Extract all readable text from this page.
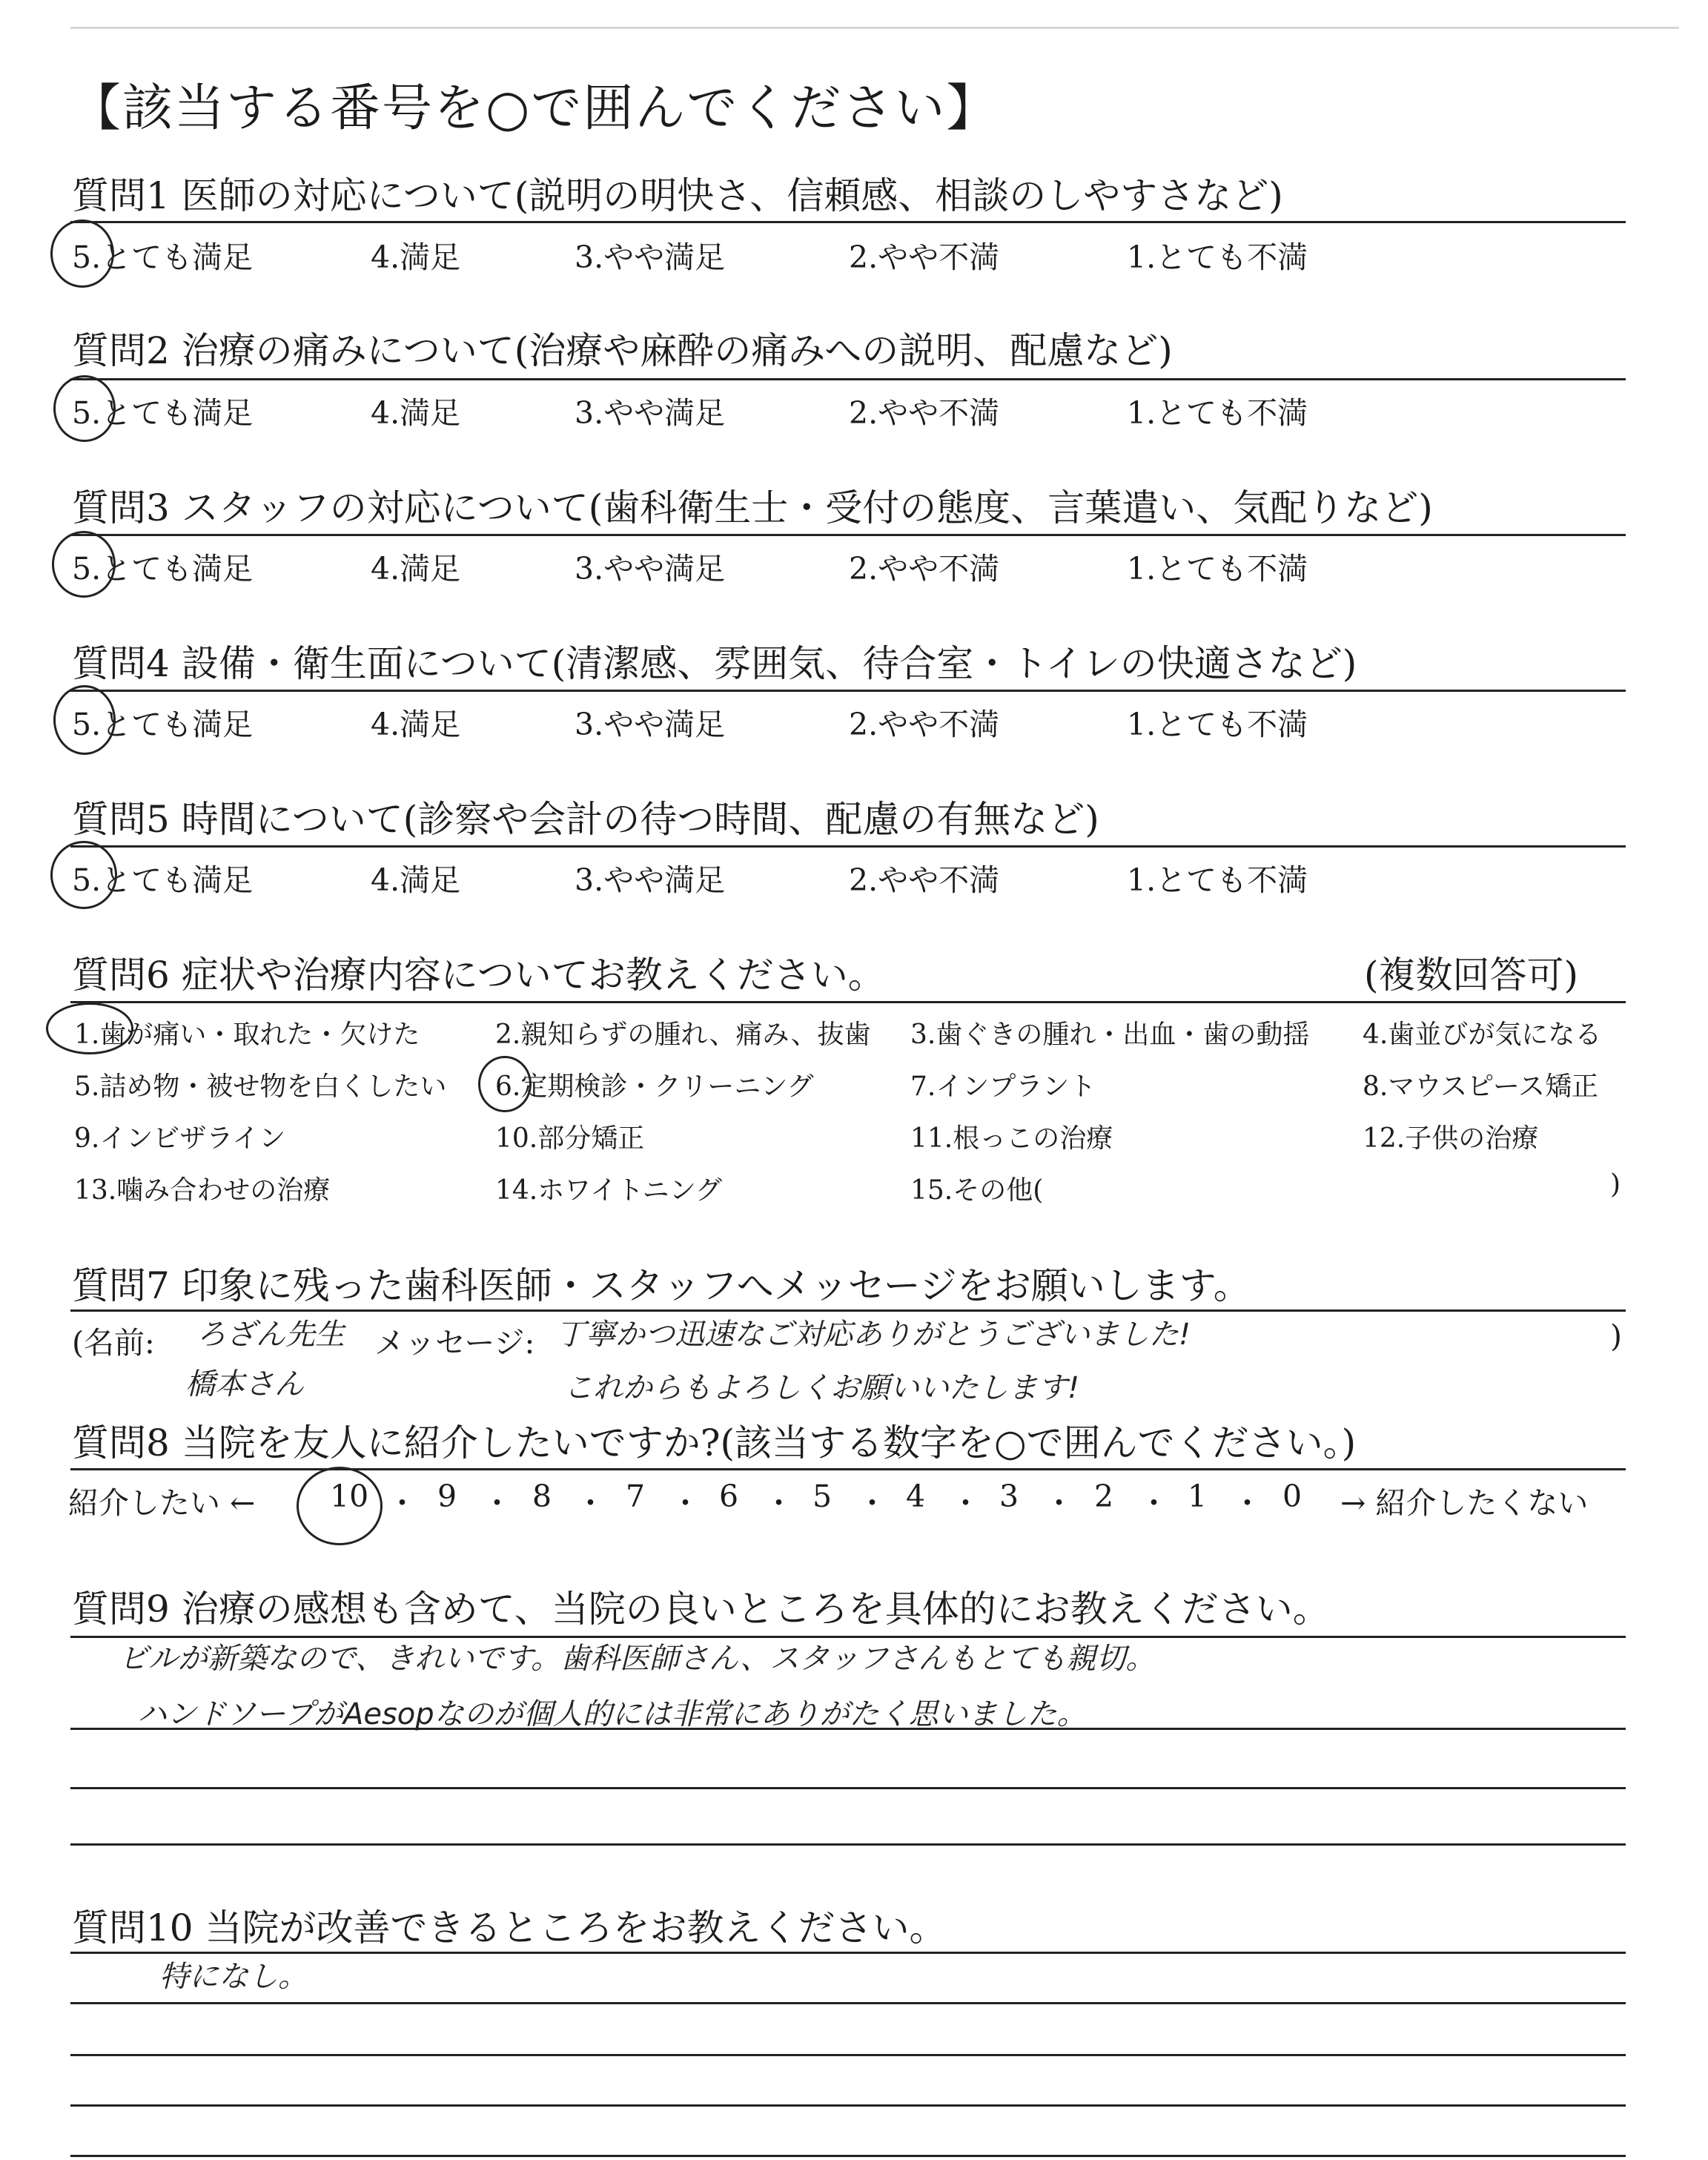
【該当する番号を○で囲んでください】
質問1 医師の対応について(説明の明快さ、信頼感、相談のしやすさなど)
5.とても満足	4.満足	3.やや満足	2.やや不満	1.とても不満
質問2 治療の痛みについて(治療や麻酔の痛みへの説明、配慮など)
5.とても満足	4.満足	3.やや満足	2.やや不満	1.とても不満
質問3 スタッフの対応について(歯科衛生士・受付の態度、言葉遣い、気配りなど)
5.とても満足	4.満足	3.やや満足	2.やや不満	1.とても不満
質問4 設備・衛生面について(清潔感、雰囲気、待合室・トイレの快適さなど)
5.とても満足	4.満足	3.やや満足	2.やや不満	1.とても不満
質問5 時間について(診察や会計の待つ時間、配慮の有無など)
5.とても満足	4.満足	3.やや満足	2.やや不満	1.とても不満
質問6 症状や治療内容についてお教えください。	(複数回答可)
1.歯が痛い・取れた・欠けた	2.親知らずの腫れ、痛み、抜歯 3.歯ぐきの腫れ・出血・歯の動揺 4.歯並びが気になる
5.詰め物・被せ物を白くしたい 6.定期検診・クリーニング	7.インプラント	8.マウスピース矯正
9.インビザライン	10.部分矯正	11.根っこの治療	12.子供の治療
13.噛み合わせの治療	14.ホワイトニング	15.その他(	)
質問7 印象に残った歯科医師・スタッフへメッセージをお願いします。
(名前: ろざん先生
橋本さん
メッセージ: 丁寧かつ迅速なご対応ありがとうございました!
これからもよろしくお願いいたします!
)
質問8 当院を友人に紹介したいですか?(該当する数字を○で囲んでください。)
紹介したい ← 10 ・ 9 ・ 8 ・ 7 ・ 6 ・ 5 ・ 4 ・ 3 ・ 2 ・ 1 ・ 0 → 紹介したくない
質問9 治療の感想も含めて、当院の良いところを具体的にお教えください。
ビルが新築なので、きれいです。歯科医師さん、スタッフさんもとても親切。
ハンドソープがAesopなのが個人的には非常にありがたく思いました。
質問10 当院が改善できるところをお教えください。
特になし。
